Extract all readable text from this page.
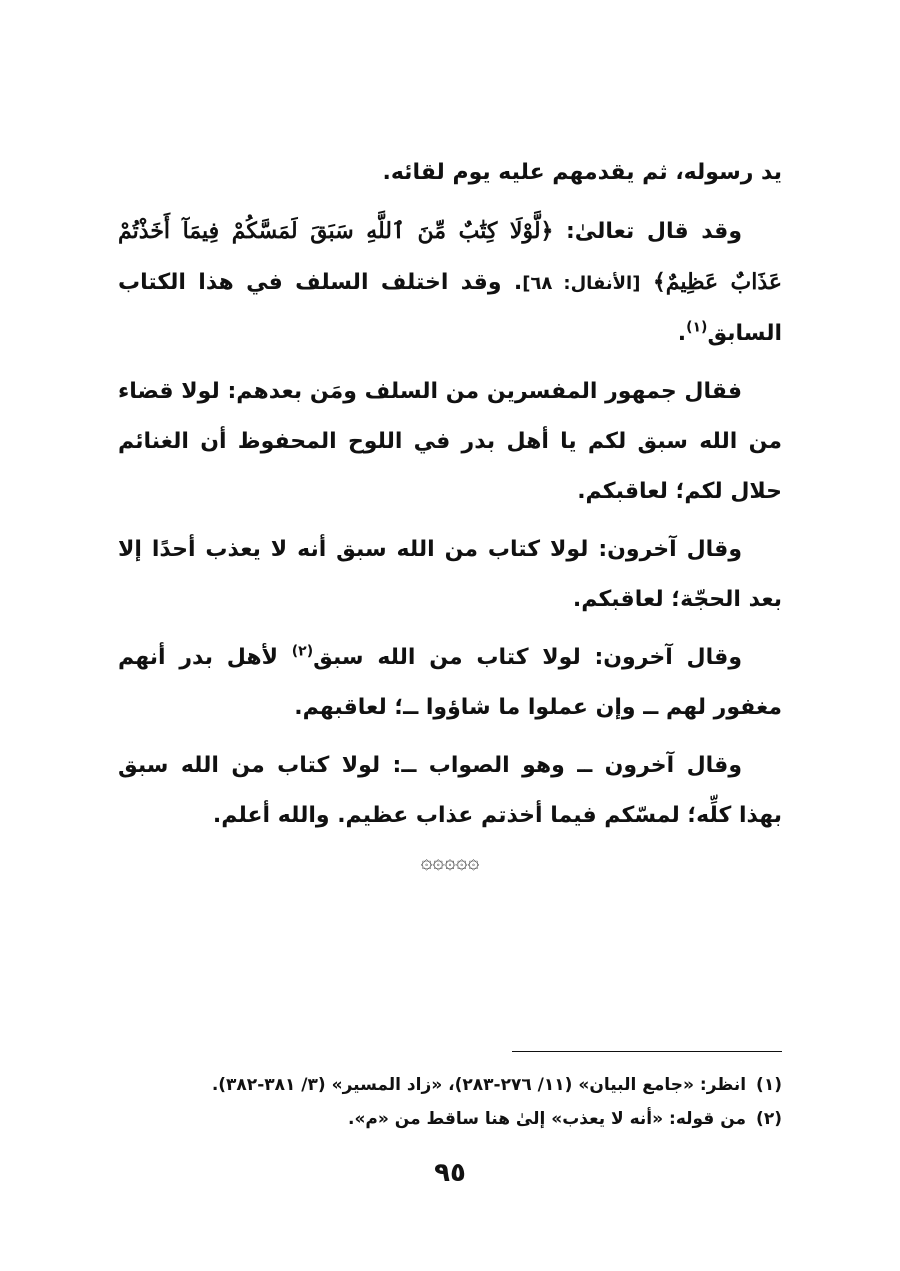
يد رسوله، ثم يقدمهم عليه يوم لقائه.

وقد قال تعالىٰ: ﴿لَّوْلَا كِتَٰبٌ مِّنَ ٱللَّهِ سَبَقَ لَمَسَّكُمْ فِيمَآ أَخَذْتُمْ عَذَابٌ عَظِيمٌ﴾ [الأنفال: ٦٨]. وقد اختلف السلف في هذا الكتاب السابق$^{(١)}$.

فقال جمهور المفسرين من السلف ومَن بعدهم: لولا قضاء من الله سبق لكم يا أهل بدر في اللوح المحفوظ أن الغنائم حلال لكم؛ لعاقبكم.

وقال آخرون: لولا كتاب من الله سبق أنه لا يعذب أحدًا إلا بعد الحجّة؛ لعاقبكم.

وقال آخرون: لولا كتاب من الله سبق$^{(٢)}$ لأهل بدر أنهم مغفور لهم ــ وإن عملوا ما شاؤوا ــ؛ لعاقبهم.

وقال آخرون ــ وهو الصواب ــ: لولا كتاب من الله سبق بهذا كلِّه؛ لمسّكم فيما أخذتم عذاب عظيم. والله أعلم.

۞۞۞۞۞
(١)انظر: «جامع البيان» (١١/ ٢٧٦-٢٨٣)، «زاد المسير» (٣/ ٣٨١-٣٨٢).
(٢)من قوله: «أنه لا يعذب» إلىٰ هنا ساقط من «م».
٩٥
